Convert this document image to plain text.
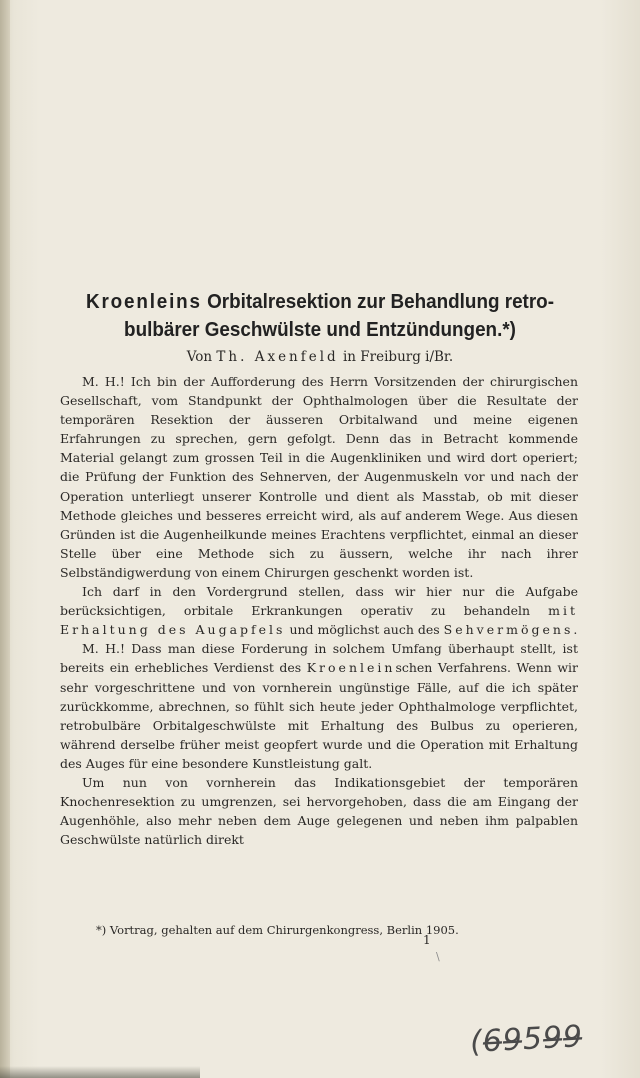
Kroenleins Orbitalresektion zur Behandlung retro-
bulbärer Geschwülste und Entzündungen.*)

Von Th. Axenfeld in Freiburg i/Br.

M. H.! Ich bin der Aufforderung des Herrn Vorsitzenden der chirurgischen Gesellschaft, vom Standpunkt der Ophthalmologen über die Resultate der temporären Resektion der äusseren Orbitalwand und meine eigenen Erfahrungen zu sprechen, gern gefolgt. Denn das in Betracht kommende Material gelangt zum grossen Teil in die Augenkliniken und wird dort operiert; die Prüfung der Funktion des Sehnerven, der Augenmuskeln vor und nach der Operation unterliegt unserer Kontrolle und dient als Masstab, ob mit dieser Methode gleiches und besseres erreicht wird, als auf anderem Wege. Aus diesen Gründen ist die Augenheilkunde meines Erachtens verpflichtet, einmal an dieser Stelle über eine Methode sich zu äussern, welche ihr nach ihrer Selbständigwerdung von einem Chirurgen geschenkt worden ist.

Ich darf in den Vordergrund stellen, dass wir hier nur die Aufgabe berücksichtigen, orbitale Erkrankungen operativ zu behandeln mit Erhaltung des Augapfels und möglichst auch des Sehvermögens.

M. H.! Dass man diese Forderung in solchem Umfang überhaupt stellt, ist bereits ein erhebliches Verdienst des Kroenleinschen Verfahrens. Wenn wir sehr vorgeschrittene und von vornherein ungünstige Fälle, auf die ich später zurückkomme, abrechnen, so fühlt sich heute jeder Ophthalmologe verpflichtet, retrobulbäre Orbitalgeschwülste mit Erhaltung des Bulbus zu operieren, während derselbe früher meist geopfert wurde und die Operation mit Erhaltung des Auges für eine besondere Kunstleistung galt.

Um nun von vornherein das Indikationsgebiet der temporären Knochenresektion zu umgrenzen, sei hervorgehoben, dass die am Eingang der Augenhöhle, also mehr neben dem Auge gelegenen und neben ihm palpablen Geschwülste natürlich direkt

*) Vortrag, gehalten auf dem Chirurgenkongress, Berlin 1905.

1

\

(6̶9̶59̶9̶
